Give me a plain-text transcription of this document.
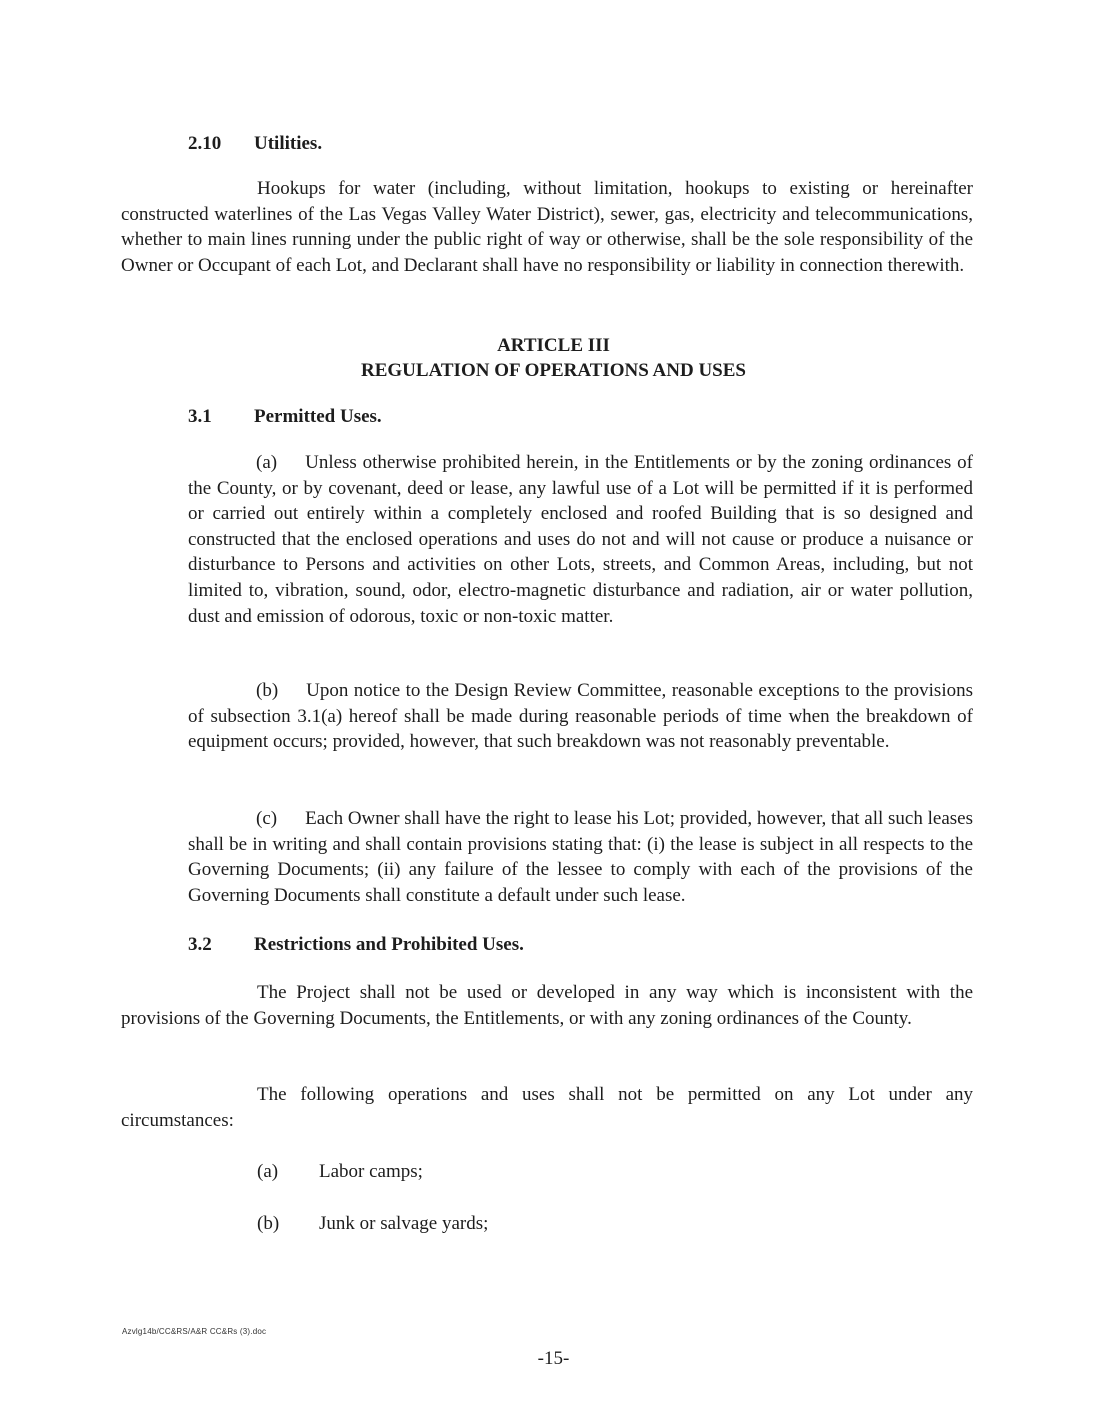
2.10 Utilities.

Hookups for water (including, without limitation, hookups to existing or hereinafter constructed waterlines of the Las Vegas Valley Water District), sewer, gas, electricity and telecommunications, whether to main lines running under the public right of way or otherwise, shall be the sole responsibility of the Owner or Occupant of each Lot, and Declarant shall have no responsibility or liability in connection therewith.

ARTICLE III
REGULATION OF OPERATIONS AND USES
3.1 Permitted Uses.

(a) Unless otherwise prohibited herein, in the Entitlements or by the zoning ordinances of the County, or by covenant, deed or lease, any lawful use of a Lot will be permitted if it is performed or carried out entirely within a completely enclosed and roofed Building that is so designed and constructed that the enclosed operations and uses do not and will not cause or produce a nuisance or disturbance to Persons and activities on other Lots, streets, and Common Areas, including, but not limited to, vibration, sound, odor, electro-magnetic disturbance and radiation, air or water pollution, dust and emission of odorous, toxic or non-toxic matter.

(b) Upon notice to the Design Review Committee, reasonable exceptions to the provisions of subsection 3.1(a) hereof shall be made during reasonable periods of time when the breakdown of equipment occurs; provided, however, that such breakdown was not reasonably preventable.

(c) Each Owner shall have the right to lease his Lot; provided, however, that all such leases shall be in writing and shall contain provisions stating that: (i) the lease is subject in all respects to the Governing Documents; (ii) any failure of the lessee to comply with each of the provisions of the Governing Documents shall constitute a default under such lease.

3.2 Restrictions and Prohibited Uses.

The Project shall not be used or developed in any way which is inconsistent with the provisions of the Governing Documents, the Entitlements, or with any zoning ordinances of the County.

The following operations and uses shall not be permitted on any Lot under any circumstances:

(a) Labor camps;
(b) Junk or salvage yards;
Azvlg14b/CC&RS/A&R CC&Rs (3).doc
-15-
